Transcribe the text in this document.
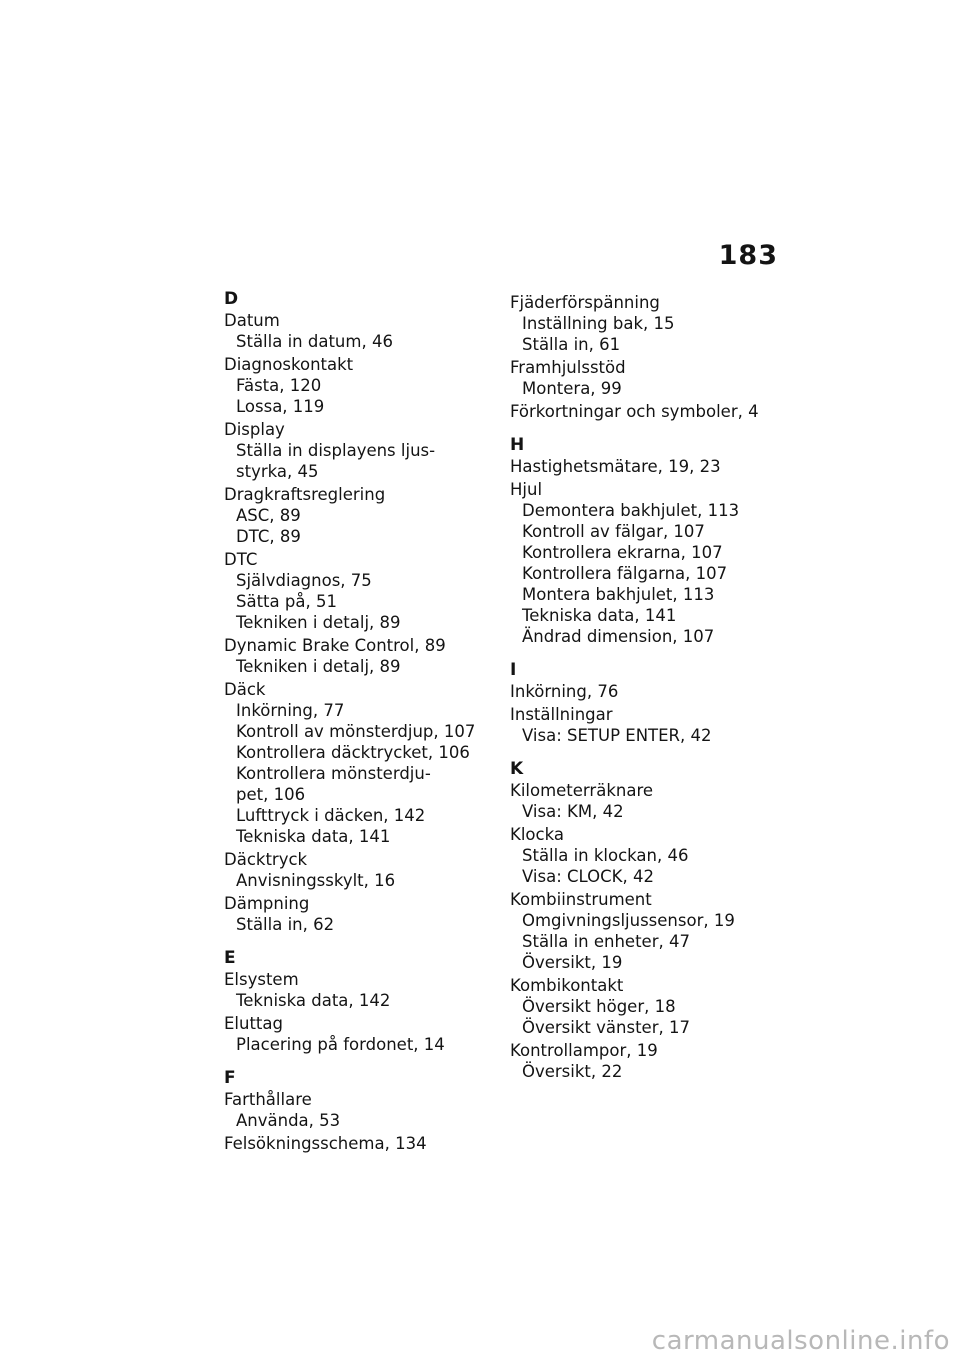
183
D
Datum
Ställa in datum, 46
Diagnoskontakt
Fästa, 120
Lossa, 119
Display
Ställa in displayens ljus-
styrka, 45
Dragkraftsreglering
ASC, 89
DTC, 89
DTC
Självdiagnos, 75
Sätta på, 51
Tekniken i detalj, 89
Dynamic Brake Control, 89
Tekniken i detalj, 89
Däck
Inkörning, 77
Kontroll av mönsterdjup, 107
Kontrollera däcktrycket, 106
Kontrollera mönsterdju-
pet, 106
Lufttryck i däcken, 142
Tekniska data, 141
Däcktryck
Anvisningsskylt, 16
Dämpning
Ställa in, 62
E
Elsystem
Tekniska data, 142
Eluttag
Placering på fordonet, 14
F
Farthållare
Använda, 53
Felsökningsschema, 134
Fjäderförspänning
Inställning bak, 15
Ställa in, 61
Framhjulsstöd
Montera, 99
Förkortningar och symboler, 4
H
Hastighetsmätare, 19, 23
Hjul
Demontera bakhjulet, 113
Kontroll av fälgar, 107
Kontrollera ekrarna, 107
Kontrollera fälgarna, 107
Montera bakhjulet, 113
Tekniska data, 141
Ändrad dimension, 107
I
Inkörning, 76
Inställningar
Visa: SETUP ENTER, 42
K
Kilometerräknare
Visa: KM, 42
Klocka
Ställa in klockan, 46
Visa: CLOCK, 42
Kombiinstrument
Omgivningsljussensor, 19
Ställa in enheter, 47
Översikt, 19
Kombikontakt
Översikt höger, 18
Översikt vänster, 17
Kontrollampor, 19
Översikt, 22
carmanualsonline.info
